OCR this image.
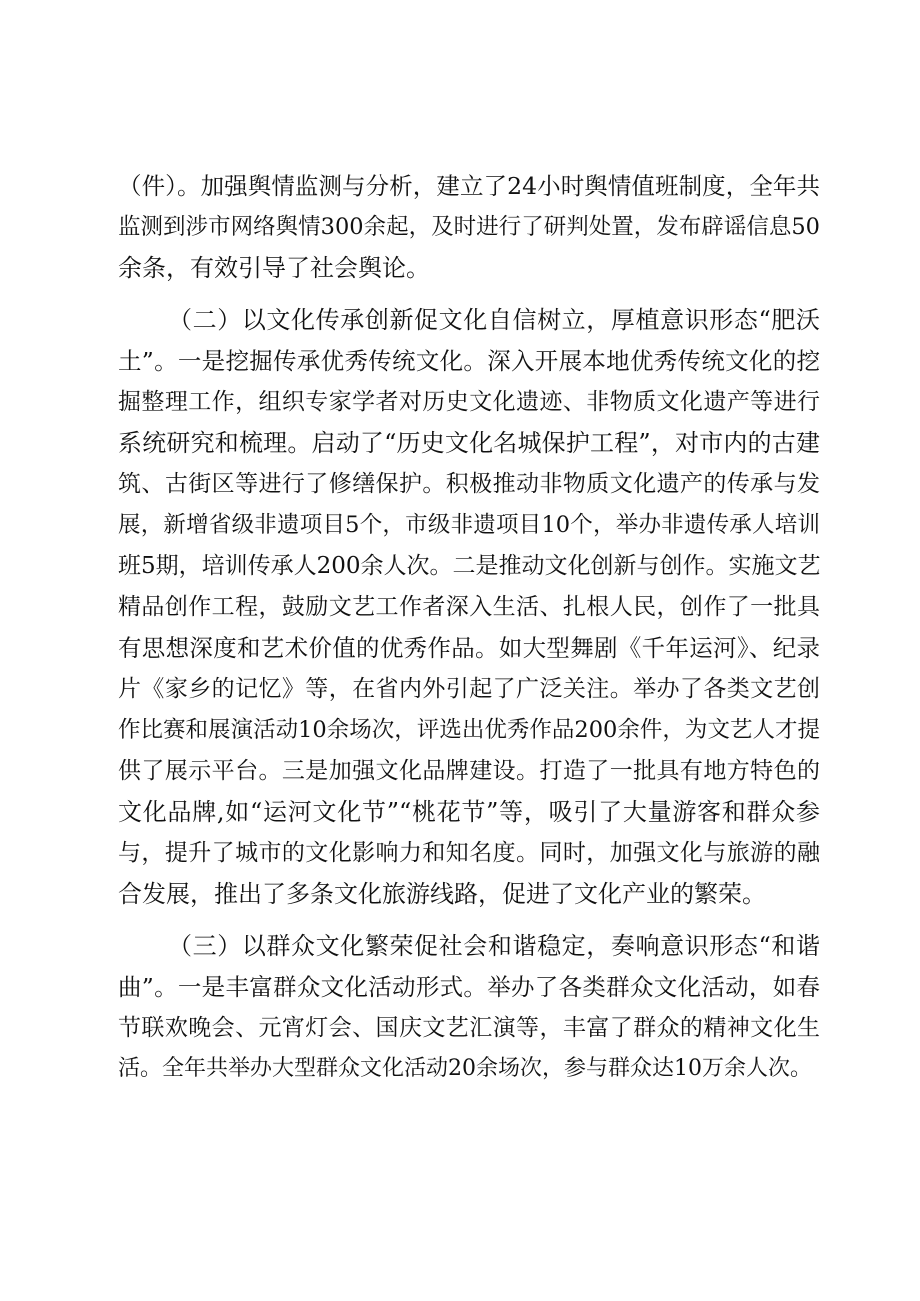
（件）。加强舆情监测与分析，建立了24小时舆情值班制度，全年共
监测到涉市网络舆情300余起，及时进行了研判处置，发布辟谣信息50
余条，有效引导了社会舆论。
（二）以文化传承创新促文化自信树立，厚植意识形态“肥沃
土”。一是挖掘传承优秀传统文化。深入开展本地优秀传统文化的挖
掘整理工作，组织专家学者对历史文化遗迹、非物质文化遗产等进行
系统研究和梳理。启动了“历史文化名城保护工程”，对市内的古建
筑、古街区等进行了修缮保护。积极推动非物质文化遗产的传承与发
展，新增省级非遗项目5个，市级非遗项目10个，举办非遗传承人培训
班5期，培训传承人200余人次。二是推动文化创新与创作。实施文艺
精品创作工程，鼓励文艺工作者深入生活、扎根人民，创作了一批具
有思想深度和艺术价值的优秀作品。如大型舞剧《千年运河》、纪录
片《家乡的记忆》等，在省内外引起了广泛关注。举办了各类文艺创
作比赛和展演活动10余场次，评选出优秀作品200余件，为文艺人才提
供了展示平台。三是加强文化品牌建设。打造了一批具有地方特色的
文化品牌,如“运河文化节”“桃花节”等，吸引了大量游客和群众参
与，提升了城市的文化影响力和知名度。同时，加强文化与旅游的融
合发展，推出了多条文化旅游线路，促进了文化产业的繁荣。
（三）以群众文化繁荣促社会和谐稳定，奏响意识形态“和谐
曲”。一是丰富群众文化活动形式。举办了各类群众文化活动，如春
节联欢晚会、元宵灯会、国庆文艺汇演等，丰富了群众的精神文化生
活。全年共举办大型群众文化活动20余场次，参与群众达10万余人次。
